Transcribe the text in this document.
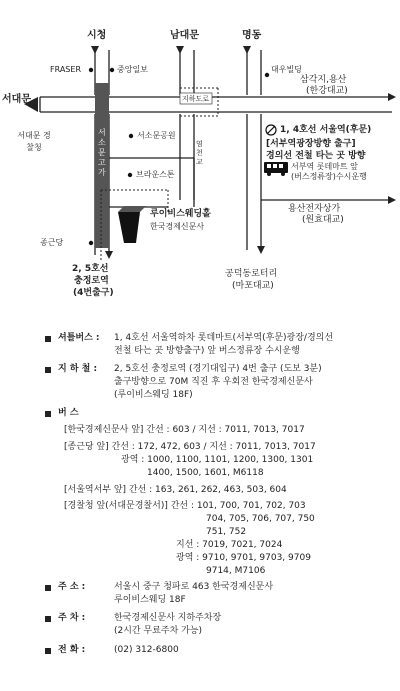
시청	남대문	명동
서대문
FRASER	중앙일보
지하도로
서소문공원
브라운스톤
서대문 경찰청
종근당
서소문고가
염천교
대우빌딩
삼각지,용산
(한강대교)
1, 4호선 서울역(후문)
[서부역광장방향 출구]
경의선 전철 타는 곳 방향
서부역 롯데마트 앞
(버스정류장)수시운행
용산전자상가
(원효대교)
루이비스웨딩홀
한국경제신문사
공덕동로터리
(마포대교)
2, 5호선
충정로역
(4번출구)
셔틀버스 : 1, 4호선 서울역하차 롯데마트(서부역(후문)광장/경의선
전철 타는 곳 방향출구) 앞 버스정류장 수시운행
지 하 철 : 2, 5호선 충정로역 (경기대입구) 4번 출구 (도보 3분)
출구방향으로 70M 직진 후 우회전 한국경제신문사
(루이비스웨딩 18F)
버 스
[한국경제신문사 앞] 간선 : 603 / 지선 : 7011, 7013, 7017
[종근당 앞] 간선 : 172, 472, 603 / 지선 : 7011, 7013, 7017
광역 : 1000, 1100, 1101, 1200, 1300, 1301
1400, 1500, 1601, M6118
[서울역서부 앞] 간선 : 163, 261, 262, 463, 503, 604
[경찰청 앞(서대문경찰서)] 간선 : 101, 700, 701, 702, 703
704, 705, 706, 707, 750
751, 752
지선 : 7019, 7021, 7024
광역 : 9710, 9701, 9703, 9709
9714, M7106
주 소 :	서울시 중구 청파로 463 한국경제신문사
루이비스웨딩 18F
주 차 :	한국경제신문사 지하주차장
(2시간 무료주차 가능)
전 화 :	(02) 312-6800
